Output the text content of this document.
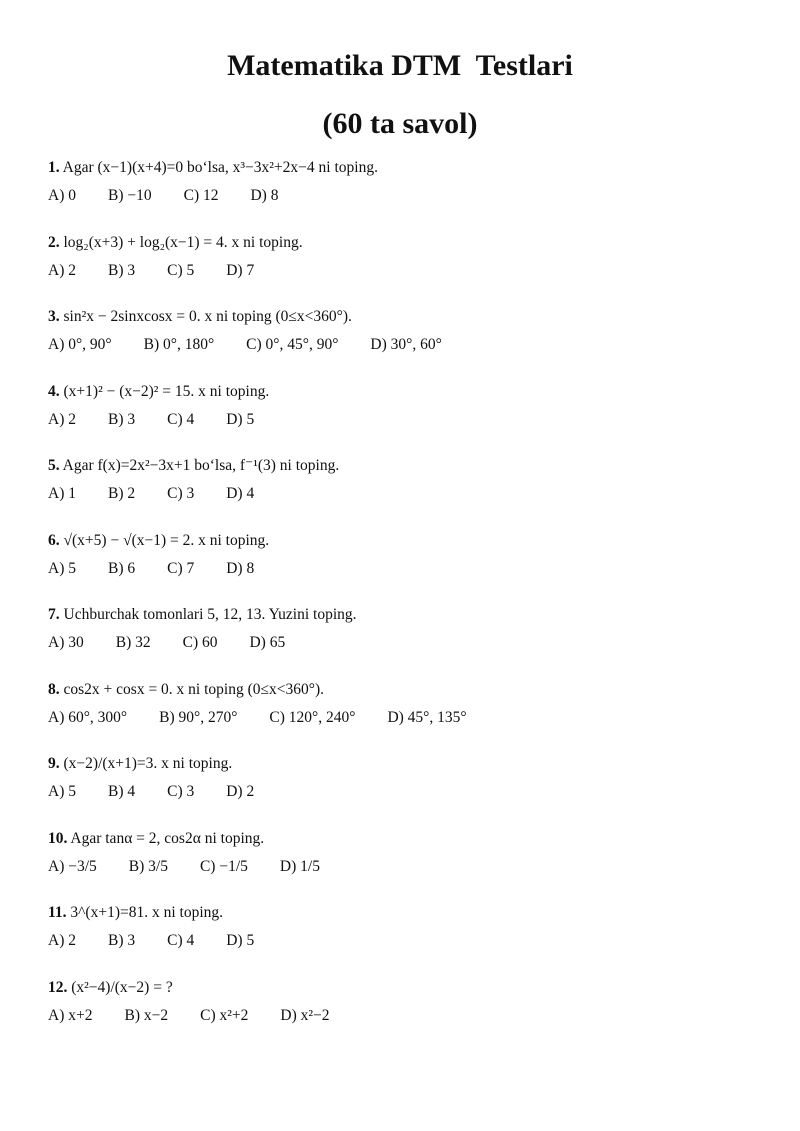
Matematika DTM  Testlari
(60 ta savol)
1. Agar (x−1)(x+4)=0 bo‘lsa, x³−3x²+2x−4 ni toping.
A) 0 B) −10 C) 12 D) 8
2. log₂(x+3) + log₂(x−1) = 4. x ni toping.
A) 2 B) 3 C) 5 D) 7
3. sin²x − 2sinxcosx = 0. x ni toping (0≤x<360°).
A) 0°, 90° B) 0°, 180° C) 0°, 45°, 90° D) 30°, 60°
4. (x+1)² − (x−2)² = 15. x ni toping.
A) 2 B) 3 C) 4 D) 5
5. Agar f(x)=2x²−3x+1 bo‘lsa, f⁻¹(3) ni toping.
A) 1 B) 2 C) 3 D) 4
6. √(x+5) − √(x−1) = 2. x ni toping.
A) 5 B) 6 C) 7 D) 8
7. Uchburchak tomonlari 5, 12, 13. Yuzini toping.
A) 30 B) 32 C) 60 D) 65
8. cos2x + cosx = 0. x ni toping (0≤x<360°).
A) 60°, 300° B) 90°, 270° C) 120°, 240° D) 45°, 135°
9. (x−2)/(x+1)=3. x ni toping.
A) 5 B) 4 C) 3 D) 2
10. Agar tanα = 2, cos2α ni toping.
A) −3/5 B) 3/5 C) −1/5 D) 1/5
11. 3^(x+1)=81. x ni toping.
A) 2 B) 3 C) 4 D) 5
12. (x²−4)/(x−2) = ?
A) x+2 B) x−2 C) x²+2 D) x²−2
